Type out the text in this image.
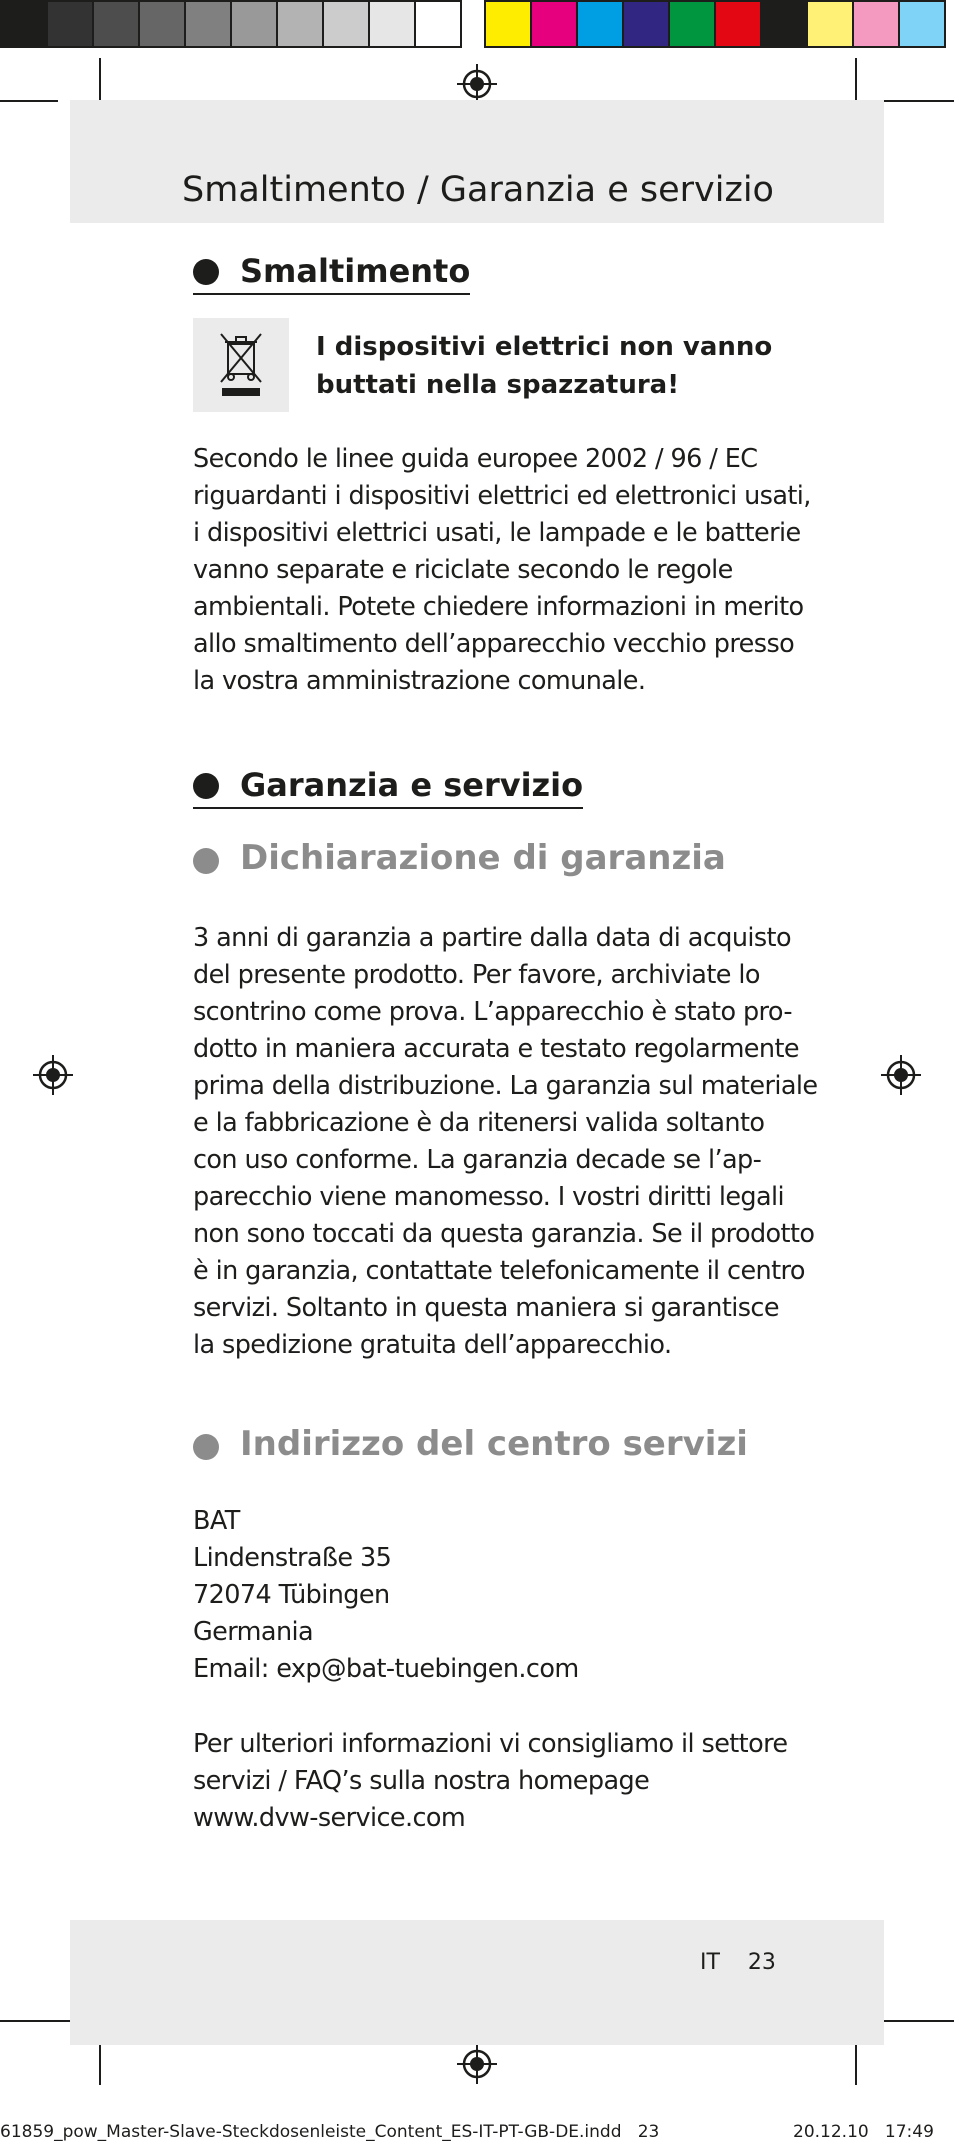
Smaltimento / Garanzia e servizio
Smaltimento
I dispositivi elettrici non vanno
buttati nella spazzatura!
Secondo le linee guida europee 2002 / 96 / EC
riguardanti i dispositivi elettrici ed elettronici usati,
i dispositivi elettrici usati, le lampade e le batterie
vanno separate e riciclate secondo le regole
ambientali. Potete chiedere informazioni in merito
allo smaltimento dell’apparecchio vecchio presso
la vostra amministrazione comunale.
Garanzia e servizio
Dichiarazione di garanzia
3 anni di garanzia a partire dalla data di acquisto
del presente prodotto. Per favore, archiviate lo
scontrino come prova. L’apparecchio è stato pro-
dotto in maniera accurata e testato regolarmente
prima della distribuzione. La garanzia sul materiale
e la fabbricazione è da ritenersi valida soltanto
con uso conforme. La garanzia decade se l’ap-
parecchio viene manomesso. I vostri diritti legali
non sono toccati da questa garanzia. Se il prodotto
è in garanzia, contattate telefonicamente il centro
servizi. Soltanto in questa maniera si garantisce
la spedizione gratuita dell’apparecchio.
Indirizzo del centro servizi
BAT
Lindenstraße 35
72074 Tübingen
Germania
Email: exp@bat-tuebingen.com
Per ulteriori informazioni vi consigliamo il settore
servizi / FAQ’s sulla nostra homepage
www.dvw-service.com
IT    23
61859_pow_Master-Slave-Steckdosenleiste_Content_ES-IT-PT-GB-DE.indd   23	20.12.10   17:49
